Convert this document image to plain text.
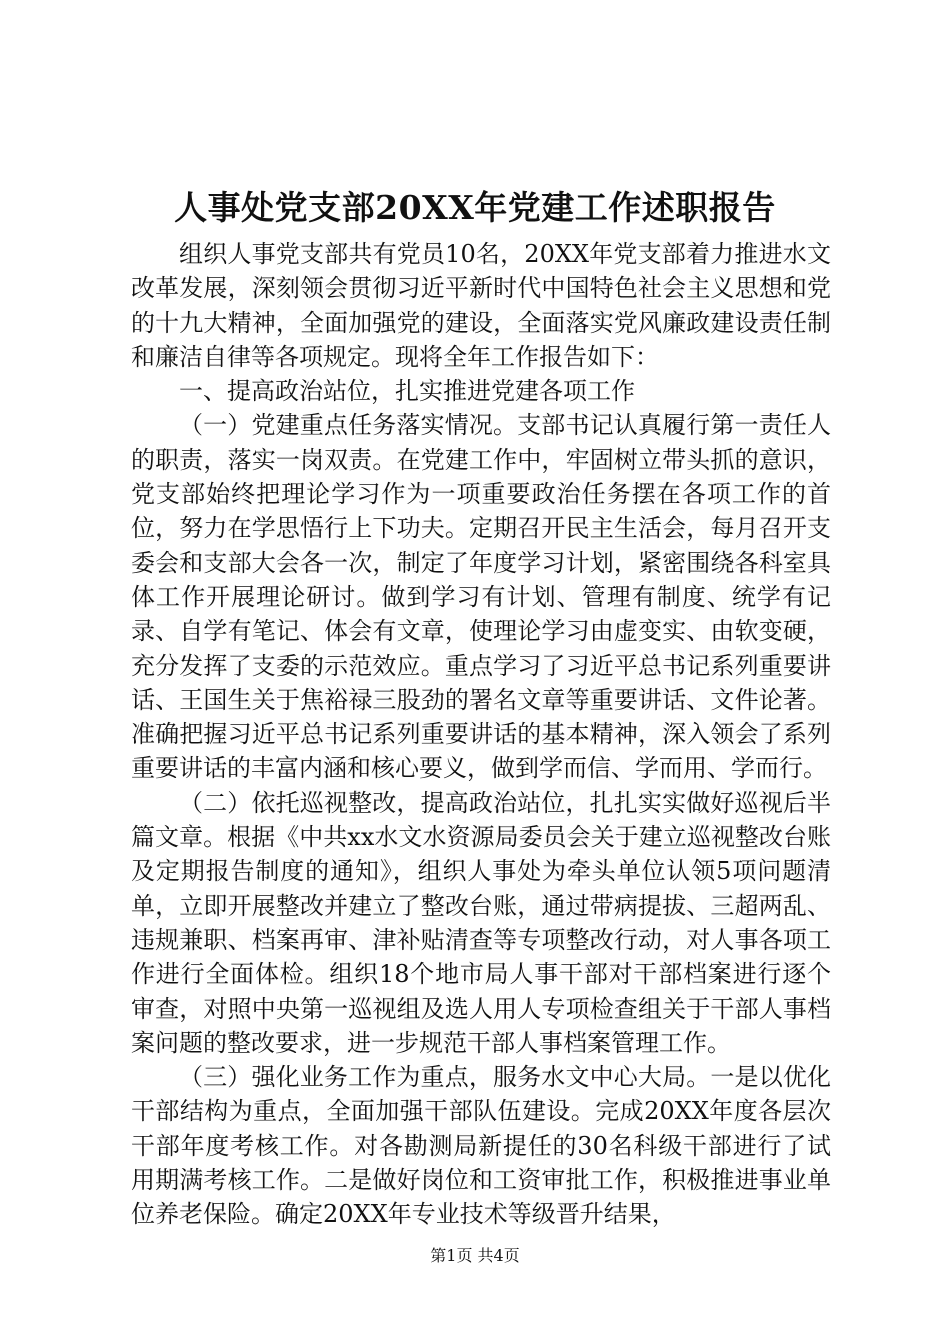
人事处党支部20XX年党建工作述职报告

组织人事党支部共有党员10名，20XX年党支部着力推进水文改革发展，深刻领会贯彻习近平新时代中国特色社会主义思想和党的十九大精神，全面加强党的建设，全面落实党风廉政建设责任制和廉洁自律等各项规定。现将全年工作报告如下：

一、提高政治站位，扎实推进党建各项工作

（一）党建重点任务落实情况。支部书记认真履行第一责任人的职责，落实一岗双责。在党建工作中，牢固树立带头抓的意识，党支部始终把理论学习作为一项重要政治任务摆在各项工作的首位，努力在学思悟行上下功夫。定期召开民主生活会，每月召开支委会和支部大会各一次，制定了年度学习计划，紧密围绕各科室具体工作开展理论研讨。做到学习有计划、管理有制度、统学有记录、自学有笔记、体会有文章，使理论学习由虚变实、由软变硬，充分发挥了支委的示范效应。重点学习了习近平总书记系列重要讲话、王国生关于焦裕禄三股劲的署名文章等重要讲话、文件论著。准确把握习近平总书记系列重要讲话的基本精神，深入领会了系列重要讲话的丰富内涵和核心要义，做到学而信、学而用、学而行。

（二）依托巡视整改，提高政治站位，扎扎实实做好巡视后半篇文章。根据《中共xx水文水资源局委员会关于建立巡视整改台账及定期报告制度的通知》，组织人事处为牵头单位认领5项问题清单，立即开展整改并建立了整改台账，通过带病提拔、三超两乱、违规兼职、档案再审、津补贴清查等专项整改行动，对人事各项工作进行全面体检。组织18个地市局人事干部对干部档案进行逐个审查，对照中央第一巡视组及选人用人专项检查组关于干部人事档案问题的整改要求，进一步规范干部人事档案管理工作。

（三）强化业务工作为重点，服务水文中心大局。一是以优化干部结构为重点，全面加强干部队伍建设。完成20XX年度各层次干部年度考核工作。对各勘测局新提任的30名科级干部进行了试用期满考核工作。二是做好岗位和工资审批工作，积极推进事业单位养老保险。确定20XX年专业技术等级晋升结果，

第1页 共4页
